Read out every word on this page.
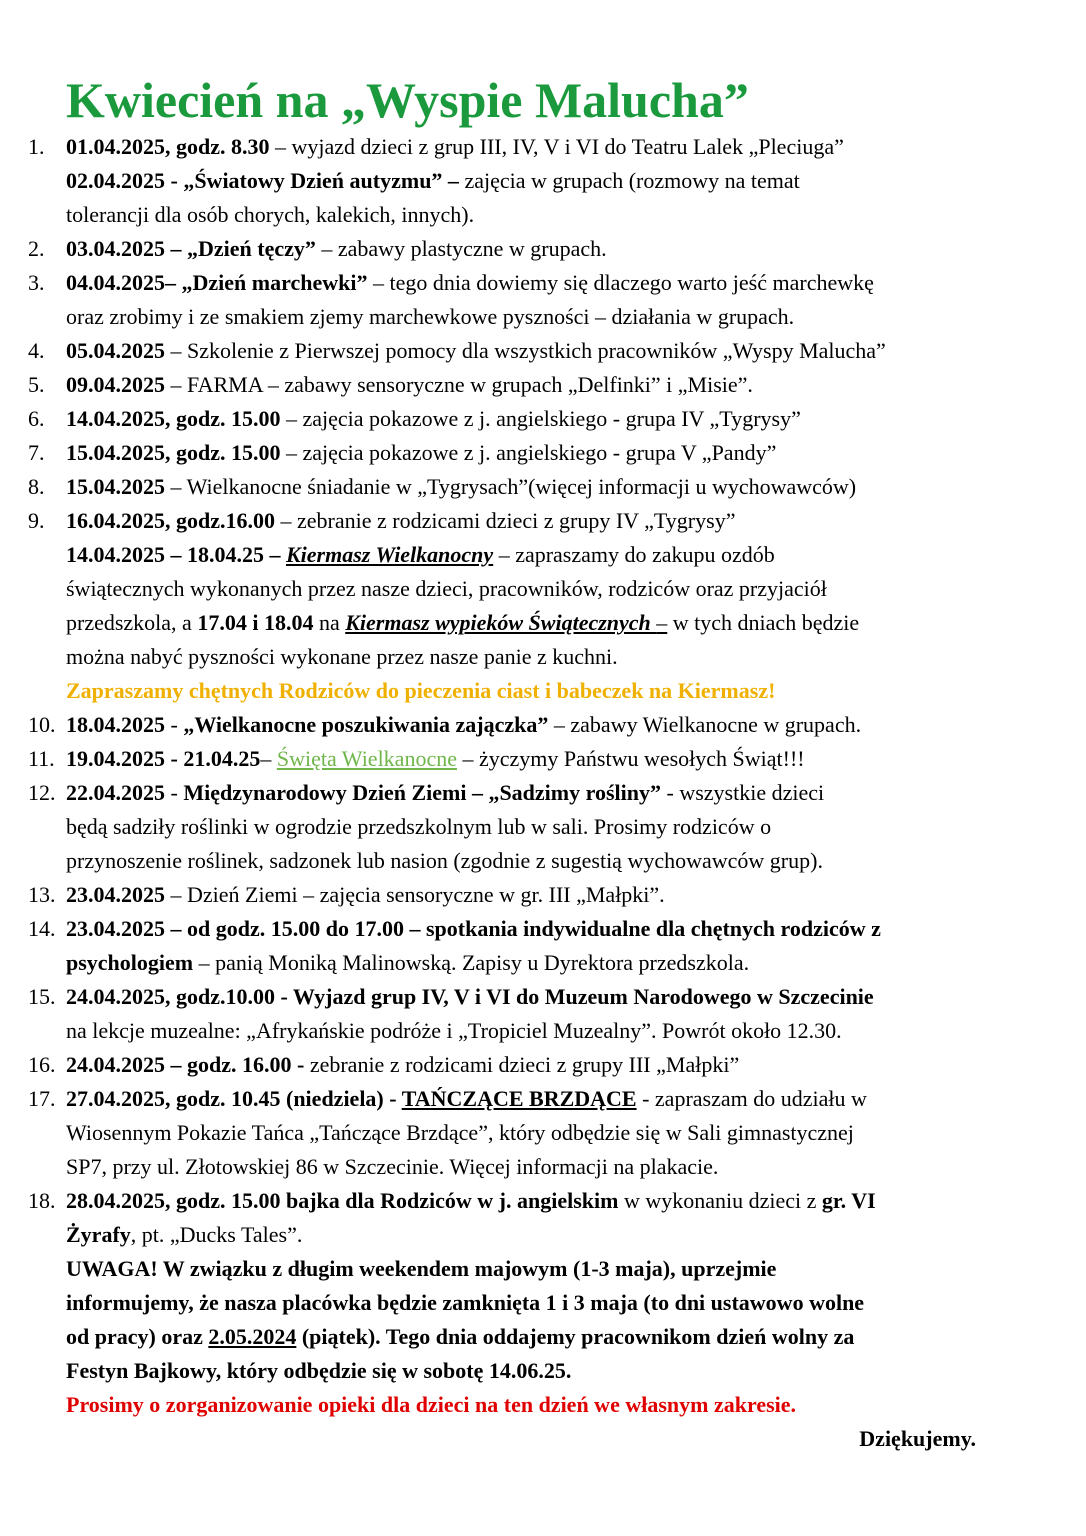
Kwiecień na „Wyspie Malucha”
1. 01.04.2025, godz. 8.30 – wyjazd dzieci z grup III, IV, V i VI do Teatru Lalek „Pleciuga”
02.04.2025 - „Światowy Dzień autyzmu” – zajęcia w grupach (rozmowy na temat
tolerancji dla osób chorych, kalekich, innych).
2. 03.04.2025 – „Dzień tęczy” – zabawy plastyczne w grupach.
3. 04.04.2025– „Dzień marchewki” – tego dnia dowiemy się dlaczego warto jeść marchewkę
oraz zrobimy i ze smakiem zjemy marchewkowe pyszności – działania w grupach.
4. 05.04.2025 – Szkolenie z Pierwszej pomocy dla wszystkich pracowników „Wyspy Malucha”
5. 09.04.2025 – FARMA – zabawy sensoryczne w grupach „Delfinki” i „Misie”.
6. 14.04.2025, godz. 15.00 – zajęcia pokazowe z j. angielskiego - grupa IV „Tygrysy”
7. 15.04.2025, godz. 15.00 – zajęcia pokazowe z j. angielskiego - grupa V „Pandy”
8. 15.04.2025 – Wielkanocne śniadanie w „Tygrysach”(więcej informacji u wychowawców)
9. 16.04.2025, godz.16.00 – zebranie z rodzicami dzieci z grupy IV „Tygrysy”
14.04.2025 – 18.04.25 – Kiermasz Wielkanocny – zapraszamy do zakupu ozdób
świątecznych wykonanych przez nasze dzieci, pracowników, rodziców oraz przyjaciół
przedszkola, a 17.04 i 18.04 na Kiermasz wypieków Świątecznych – w tych dniach będzie
można nabyć pyszności wykonane przez nasze panie z kuchni.
Zapraszamy chętnych Rodziców do pieczenia ciast i babeczek na Kiermasz!
10. 18.04.2025 - „Wielkanocne poszukiwania zajączka” – zabawy Wielkanocne w grupach.
11. 19.04.2025 - 21.04.25– Święta Wielkanocne – życzymy Państwu wesołych Świąt!!!
12. 22.04.2025 - Międzynarodowy Dzień Ziemi – „Sadzimy rośliny” - wszystkie dzieci
będą sadziły roślinki w ogrodzie przedszkolnym lub w sali. Prosimy rodziców o
przynoszenie roślinek, sadzonek lub nasion (zgodnie z sugestią wychowawców grup).
13. 23.04.2025 – Dzień Ziemi – zajęcia sensoryczne w gr. III „Małpki”.
14. 23.04.2025 – od godz. 15.00 do 17.00 – spotkania indywidualne dla chętnych rodziców z
psychologiem – panią Moniką Malinowską. Zapisy u Dyrektora przedszkola.
15. 24.04.2025, godz.10.00 - Wyjazd grup IV, V i VI do Muzeum Narodowego w Szczecinie
na lekcje muzealne: „Afrykańskie podróże i „Tropiciel Muzealny”. Powrót około 12.30.
16. 24.04.2025 – godz. 16.00 - zebranie z rodzicami dzieci z grupy III „Małpki”
17. 27.04.2025, godz. 10.45 (niedziela) - TAŃCZĄCE BRZDĄCE - zapraszam do udziału w
Wiosennym Pokazie Tańca „Tańczące Brzdące”, który odbędzie się w Sali gimnastycznej
SP7, przy ul. Złotowskiej 86 w Szczecinie. Więcej informacji na plakacie.
18. 28.04.2025, godz. 15.00 bajka dla Rodziców w j. angielskim w wykonaniu dzieci z gr. VI
Żyrafy, pt. „Ducks Tales”.
UWAGA! W związku z długim weekendem majowym (1-3 maja), uprzejmie
informujemy, że nasza placówka będzie zamknięta 1 i 3 maja (to dni ustawowo wolne
od pracy) oraz 2.05.2024 (piątek). Tego dnia oddajemy pracownikom dzień wolny za
Festyn Bajkowy, który odbędzie się w sobotę 14.06.25.
Prosimy o zorganizowanie opieki dla dzieci na ten dzień we własnym zakresie.
Dziękujemy.
